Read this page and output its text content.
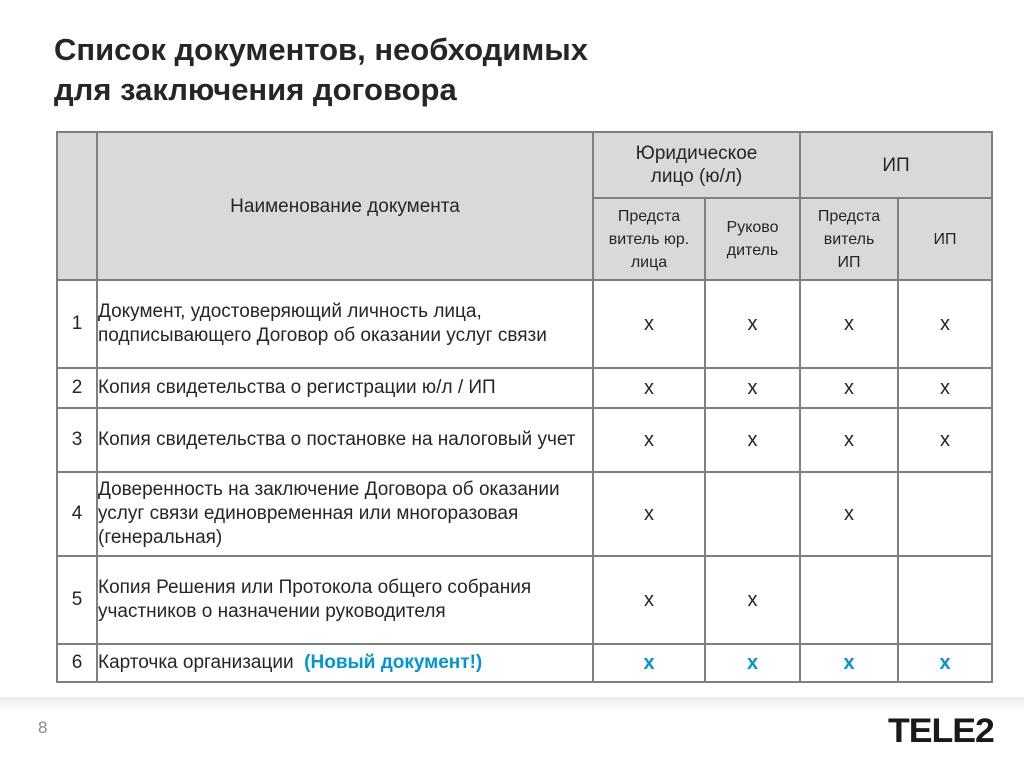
Список документов, необходимых
для заключения договора
	Наименование документа	Юридическое лицо (ю/л)		ИП	
		Предста витель юр. лица	Руково дитель	Предста витель ИП	ИП
1	Документ, удостоверяющий личность лица, подписывающего Договор об оказании услуг связи	x	x	x	x
2	Копия свидетельства о регистрации ю/л / ИП	x	x	x	x
3	Копия свидетельства о постановке на налоговый учет	x	x	x	x
4	Доверенность на заключение Договора об оказании услуг связи единовременная или многоразовая (генеральная)	x		x	
5	Копия Решения или Протокола общего собрания участников о назначении руководителя	x	x		
6	Карточка организации (Новый документ!)	x	x	x	x
8	TELE2
